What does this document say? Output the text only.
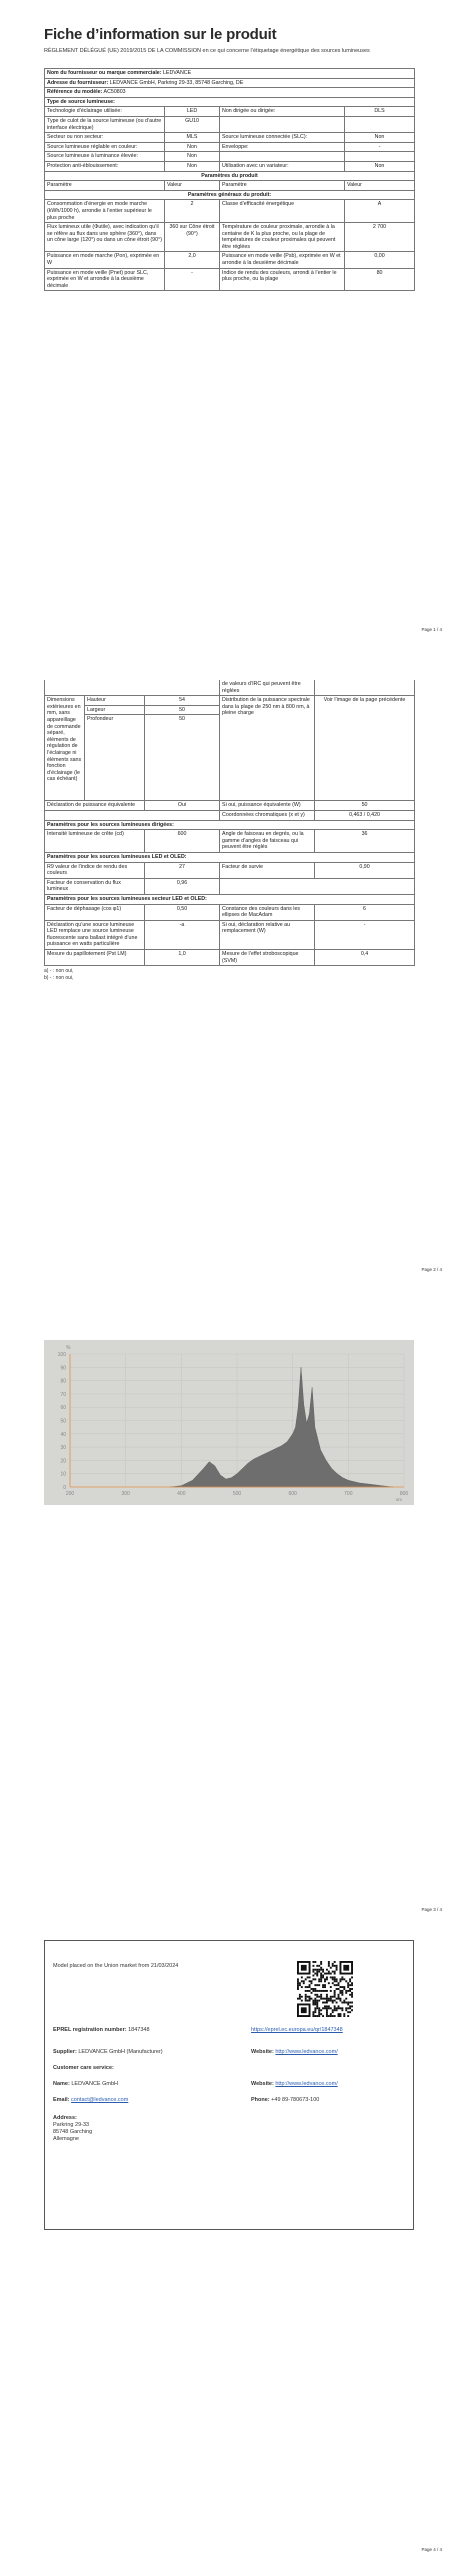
Fiche d’information sur le produit
RÈGLEMENT DÉLÉGUÉ (UE) 2019/2015 DE LA COMMISSION en ce qui concerne l’étiquetage énergétique des sources lumineuses
Nom du fournisseur ou marque commerciale: LEDVANCE			
Adresse du fournisseur: LEDVANCE GmbH, Parkring 29-33, 85748 Garching, DE			
Référence du modèle: AC50803			
Type de source lumineuse:			
Technologie d’éclairage utilisée:	LED	Non dirigée ou dirigée:	DLS
Type de culot de la source lumineuse (ou d’autre interface électrique)	GU10		
Secteur ou non secteur:	MLS	Source lumineuse connectée (SLC):	Non
Source lumineuse réglable en couleur:	Non	Enveloppe:	-
Source lumineuse à luminance élevée:	Non		
Protection anti-éblouissement:	Non	Utilisation avec un variateur:	Non
Paramètres du produit			
Paramètre	Valeur	Paramètre	Valeur
Paramètres généraux du produit:			
Consommation d’énergie en mode marche (kWh/1000 h), arrondie à l’entier supérieur le plus proche	2	Classe d’efficacité énergétique	A
Flux lumineux utile (Φutile), avec indication qu’il se réfère au flux dans une sphère (360°), dans un cône large (120°) ou dans un cône étroit (90°)	360 sur Cône étroit (90°)	Température de couleur proximale, arrondie à la centaine de K la plus proche, ou la plage de températures de couleur proximales qui peuvent être réglées	2 700
Puissance en mode marche (Pon), exprimée en W	2,0	Puissance en mode veille (Psb), exprimée en W et arrondie à la deuxième décimale	0,00
Puissance en mode veille (Pnet) pour SLC, exprimée en W et arrondie à la deuxième décimale	-	Indice de rendu des couleurs, arrondi à l’entier le plus proche, ou la plage	80
Page 1 / 4
			de valeurs d’IRC qui peuvent être réglées	
Dimensions extérieures en mm, sans appareillage de commande séparé, éléments de régulation de l’éclairage ni éléments sans fonction d’éclairage (le cas échéant)	Hauteur	54	Distribution de la puissance spectrale dans la plage de 250 nm à 800 nm, à pleine charge	Voir l’image de la page précédente
	Largeur	50		
	Profondeur	50		
Déclaration de puissance équivalente		Oui	Si oui, puissance équivalente (W)	50
			Coordonnées chromatiques (x et y)	0,463 / 0,420
Paramètres pour les sources lumineuses dirigées:				
Intensité lumineuse de crête (cd)		600	Angle de faisceau en degrés, ou la gamme d’angles de faisceau qui peuvent être réglés	36
Paramètres pour les sources lumineuses LED et OLED:				
R9 valeur de l’indice de rendu des couleurs		27	Facteur de survie	0,90
Facteur de conservation du flux lumineux		0,96		
Paramètres pour les sources lumineuses secteur LED et OLED:				
Facteur de déphasage (cos φ1)		0,50	Constance des couleurs dans les ellipses de MacAdam	6
Déclaration qu’une source lumineuse LED remplace une source lumineuse fluorescente sans ballast intégré d’une puissance en watts particulière		-a	Si oui, déclaration relative au remplacement (W)	-
Mesure du papillotement (Pst LM)		1,0	Mesure de l’effet stroboscopique (SVM)	0,4
a) - : non oui,
b) - : non oui,
Page 2 / 4
0
10
20
30
40
50
60
70
80
90
100
200	300	400	500	600	700	800
%
nm
Page 3 / 4
Model placed on the Union market from 21/03/2024
EPREL registration number: 1847348	https://eprel.ec.europa.eu/qr/1847348
Supplier: LEDVANCE GmbH (Manufacturer)	Website: http://www.ledvance.com/
Customer care service:
Name: LEDVANCE GmbH	Website: http://www.ledvance.com/
Email: contact@ledvance.com	Phone: +49 89-780673-100
Address:
Parkring 29-33
85748 Garching
Allemagne
Page 4 / 4
